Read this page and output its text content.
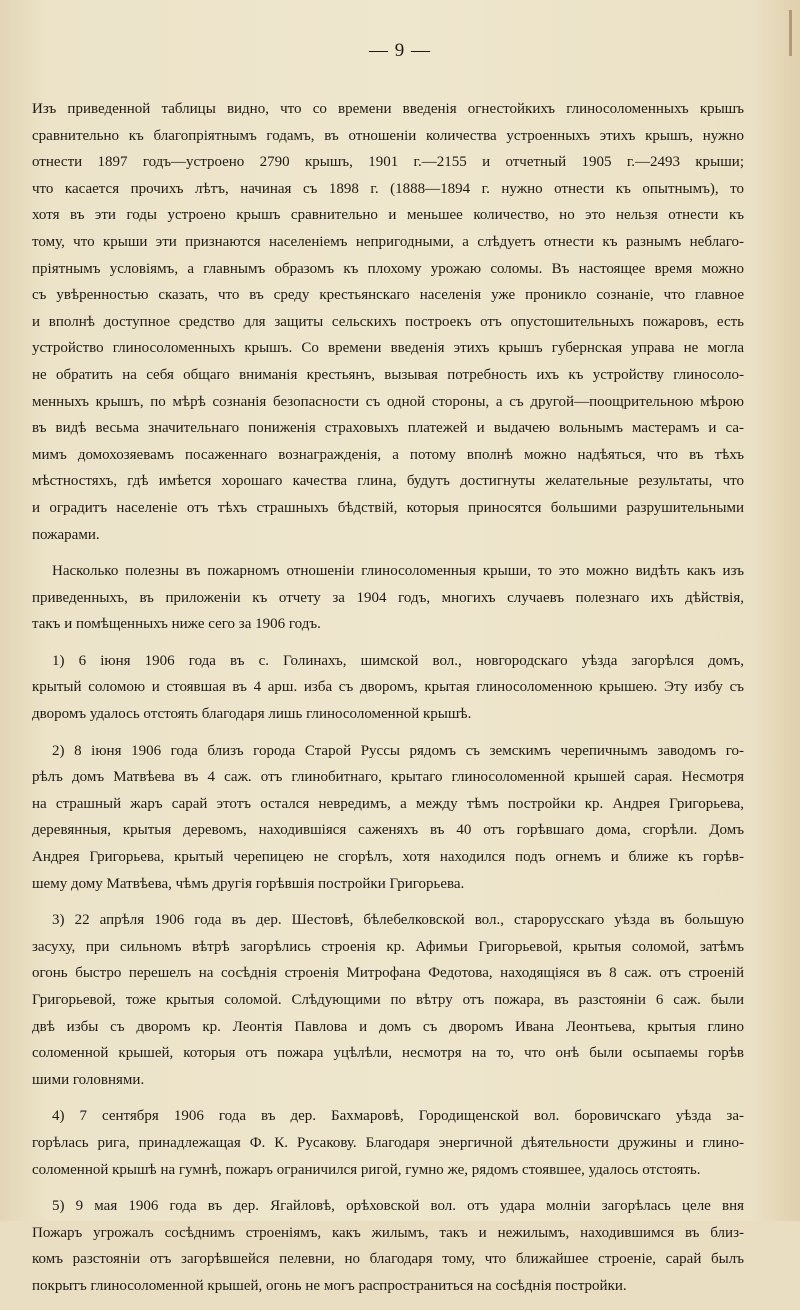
— 9 —

Изъ приведенной таблицы видно, что со времени введенія огнестойкихъ глиносоломенныхъ крышъ
сравнительно къ благопріятнымъ годамъ, въ отношеніи количества устроенныхъ этихъ крышъ, нужно
отнести 1897 годъ—устроено 2790 крышъ, 1901 г.—2155 и отчетный 1905 г.—2493 крыши;
что касается прочихъ лѣтъ, начиная съ 1898 г. (1888—1894 г. нужно отнести къ опытнымъ), то
хотя въ эти годы устроено крышъ сравнительно и меньшее количество, но это нельзя отнести къ
тому, что крыши эти признаются населеніемъ непригодными, а слѣдуетъ отнести къ разнымъ неблаго-
пріятнымъ условіямъ, а главнымъ образомъ къ плохому урожаю соломы. Въ настоящее время можно
съ увѣренностью сказать, что въ среду крестьянскаго населенія уже проникло сознаніе, что главное
и вполнѣ доступное средство для защиты сельскихъ построекъ отъ опустошительныхъ пожаровъ, есть
устройство глиносоломенныхъ крышъ. Со времени введенія этихъ крышъ губернская управа не могла
не обратить на себя общаго вниманія крестьянъ, вызывая потребность ихъ къ устройству глиносоло-
менныхъ крышъ, по мѣрѣ сознанія безопасности съ одной стороны, а съ другой—поощрительною мѣрою
въ видѣ весьма значительнаго пониженія страховыхъ платежей и выдачею вольнымъ мастерамъ и са-
мимъ домохозяевамъ посаженнаго вознагражденія, а потому вполнѣ можно надѣяться, что въ тѣхъ
мѣстностяхъ, гдѣ имѣется хорошаго качества глина, будутъ достигнуты желательные результаты, что
и оградитъ населеніе отъ тѣхъ страшныхъ бѣдствій, которыя приносятся большими разрушительными
пожарами.

Насколько полезны въ пожарномъ отношеніи глиносоломенныя крыши, то это можно видѣть какъ изъ
приведенныхъ, въ приложеніи къ отчету за 1904 годъ, многихъ случаевъ полезнаго ихъ дѣйствія,
такъ и помѣщенныхъ ниже сего за 1906 годъ.

1) 6 іюня 1906 года въ с. Голинахъ, шимской вол., новгородскаго уѣзда загорѣлся домъ,
крытый соломою и стоявшая въ 4 арш. изба съ дворомъ, крытая глиносоломенною крышею. Эту избу съ
дворомъ удалось отстоять благодаря лишь глиносоломенной крышѣ.

2) 8 іюня 1906 года близъ города Старой Руссы рядомъ съ земскимъ черепичнымъ заводомъ го-
рѣлъ домъ Матвѣева въ 4 саж. отъ глинобитнаго, крытаго глиносоломенной крышей сарая. Несмотря
на страшный жаръ сарай этотъ остался невредимъ, а между тѣмъ постройки кр. Андрея Григорьева,
деревянныя, крытыя деревомъ, находившіяся саженяхъ въ 40 отъ горѣвшаго дома, сгорѣли. Домъ
Андрея Григорьева, крытый черепицею не сгорѣлъ, хотя находился подъ огнемъ и ближе къ горѣв-
шему дому Матвѣева, чѣмъ другія горѣвшія постройки Григорьева.

3) 22 апрѣля 1906 года въ дер. Шестовѣ, бѣлебелковской вол., старорусскаго уѣзда въ большую
засуху, при сильномъ вѣтрѣ загорѣлись строенія кр. Афимьи Григорьевой, крытыя соломой, затѣмъ
огонь быстро перешелъ на сосѣднія строенія Митрофана Федотова, находящіяся въ 8 саж. отъ строеній
Григорьевой, тоже крытыя соломой. Слѣдующими по вѣтру отъ пожара, въ разстояніи 6 саж. были
двѣ избы съ дворомъ кр. Леонтія Павлова и домъ съ дворомъ Ивана Леонтьева, крытыя глино
соломенной крышей, которыя отъ пожара уцѣлѣли, несмотря на то, что онѣ были осыпаемы горѣв
шими головнями.

4) 7 сентября 1906 года въ дер. Бахмаровѣ, Городищенской вол. боровичскаго уѣзда за-
горѣлась рига, принадлежащая Ф. К. Русакову. Благодаря энергичной дѣятельности дружины и глино-
соломенной крышѣ на гумнѣ, пожаръ ограничился ригой, гумно же, рядомъ стоявшее, удалось отстоять.

5) 9 мая 1906 года въ дер. Ягайловѣ, орѣховской вол. отъ удара молніи загорѣлась целе вня
Пожаръ угрожалъ сосѣднимъ строеніямъ, какъ жилымъ, такъ и нежилымъ, находившимся въ близ-
комъ разстояніи отъ загорѣвшейся пелевни, но благодаря тому, что ближайшее строеніе, сарай былъ
покрытъ глиносоломенной крышей, огонь не могъ распространиться на сосѣднія постройки.
